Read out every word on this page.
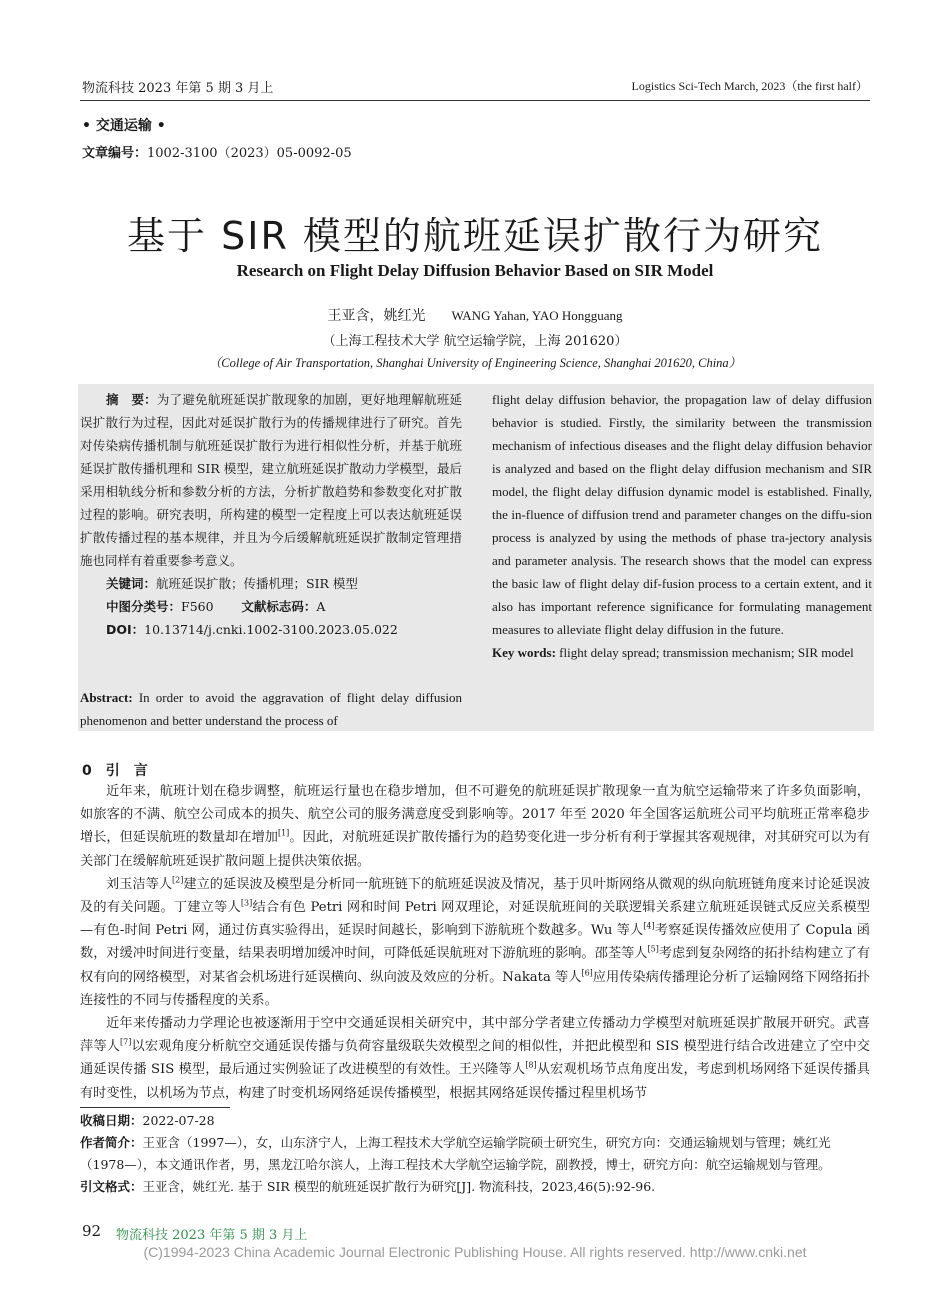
物流科技 2023 年第 5 期 3 月上	Logistics Sci-Tech March, 2023（the first half）
• 交通运输 •
文章编号：1002-3100（2023）05-0092-05
基于 SIR 模型的航班延误扩散行为研究
Research on Flight Delay Diffusion Behavior Based on SIR Model
王亚含，姚红光 WANG Yahan, YAO Hongguang
（上海工程技术大学 航空运输学院，上海 201620）
（College of Air Transportation, Shanghai University of Engineering Science, Shanghai 201620, China）

摘　要：为了避免航班延误扩散现象的加剧，更好地理解航班延误扩散行为过程，因此对延误扩散行为的传播规律进行了研究。首先对传染病传播机制与航班延误扩散行为进行相似性分析，并基于航班延误扩散传播机理和 SIR 模型，建立航班延误扩散动力学模型，最后采用相轨线分析和参数分析的方法，分析扩散趋势和参数变化对扩散过程的影响。研究表明，所构建的模型一定程度上可以表达航班延误扩散传播过程的基本规律，并且为今后缓解航班延误扩散制定管理措施也同样有着重要参考意义。

关键词：航班延误扩散；传播机理；SIR 模型

中图分类号：F560 文献标志码：A

DOI：10.13714/j.cnki.1002-3100.2023.05.022

Abstract: In order to avoid the aggravation of flight delay diffusion phenomenon and better understand the process of

flight delay diffusion behavior, the propagation law of delay diffusion behavior is studied. Firstly, the similarity between the transmission mechanism of infectious diseases and the flight delay diffusion behavior is analyzed and based on the flight delay diffusion mechanism and SIR model, the flight delay diffusion dynamic model is established. Finally, the in-fluence of diffusion trend and parameter changes on the diffu-sion process is analyzed by using the methods of phase tra-jectory analysis and parameter analysis. The research shows that the model can express the basic law of flight delay dif-fusion process to a certain extent, and it also has important reference significance for formulating management measures to alleviate flight delay diffusion in the future.

Key words: flight delay spread; transmission mechanism; SIR model

0　引　言

近年来，航班计划在稳步调整，航班运行量也在稳步增加，但不可避免的航班延误扩散现象一直为航空运输带来了许多负面影响，如旅客的不满、航空公司成本的损失、航空公司的服务满意度受到影响等。2017 年至 2020 年全国客运航班公司平均航班正常率稳步增长，但延误航班的数量却在增加[1]。因此，对航班延误扩散传播行为的趋势变化进一步分析有利于掌握其客观规律，对其研究可以为有关部门在缓解航班延误扩散问题上提供决策依据。

刘玉洁等人[2]建立的延误波及模型是分析同一航班链下的航班延误波及情况，基于贝叶斯网络从微观的纵向航班链角度来讨论延误波及的有关问题。丁建立等人[3]结合有色 Petri 网和时间 Petri 网双理论，对延误航班间的关联逻辑关系建立航班延误链式反应关系模型—有色-时间 Petri 网，通过仿真实验得出，延误时间越长，影响到下游航班个数越多。Wu 等人[4]考察延误传播效应使用了 Copula 函数，对缓冲时间进行变量，结果表明增加缓冲时间，可降低延误航班对下游航班的影响。邵荃等人[5]考虑到复杂网络的拓扑结构建立了有权有向的网络模型，对某省会机场进行延误横向、纵向波及效应的分析。Nakata 等人[6]应用传染病传播理论分析了运输网络下网络拓扑连接性的不同与传播程度的关系。

近年来传播动力学理论也被逐渐用于空中交通延误相关研究中，其中部分学者建立传播动力学模型对航班延误扩散展开研究。武喜萍等人[7]以宏观角度分析航空交通延误传播与负荷容量级联失效模型之间的相似性，并把此模型和 SIS 模型进行结合改进建立了空中交通延误传播 SIS 模型，最后通过实例验证了改进模型的有效性。王兴隆等人[8]从宏观机场节点角度出发，考虑到机场网络下延误传播具有时变性，以机场为节点，构建了时变机场网络延误传播模型，根据其网络延误传播过程里机场节

收稿日期：2022-07-28

作者简介：王亚含（1997—），女，山东济宁人，上海工程技术大学航空运输学院硕士研究生，研究方向：交通运输规划与管理；姚红光（1978—），本文通讯作者，男，黑龙江哈尔滨人，上海工程技术大学航空运输学院，副教授，博士，研究方向：航空运输规划与管理。

引文格式：王亚含，姚红光. 基于 SIR 模型的航班延误扩散行为研究[J]. 物流科技，2023,46(5):92-96.

92 物流科技 2023 年第 5 期 3 月上
(C)1994-2023 China Academic Journal Electronic Publishing House. All rights reserved. http://www.cnki.net
